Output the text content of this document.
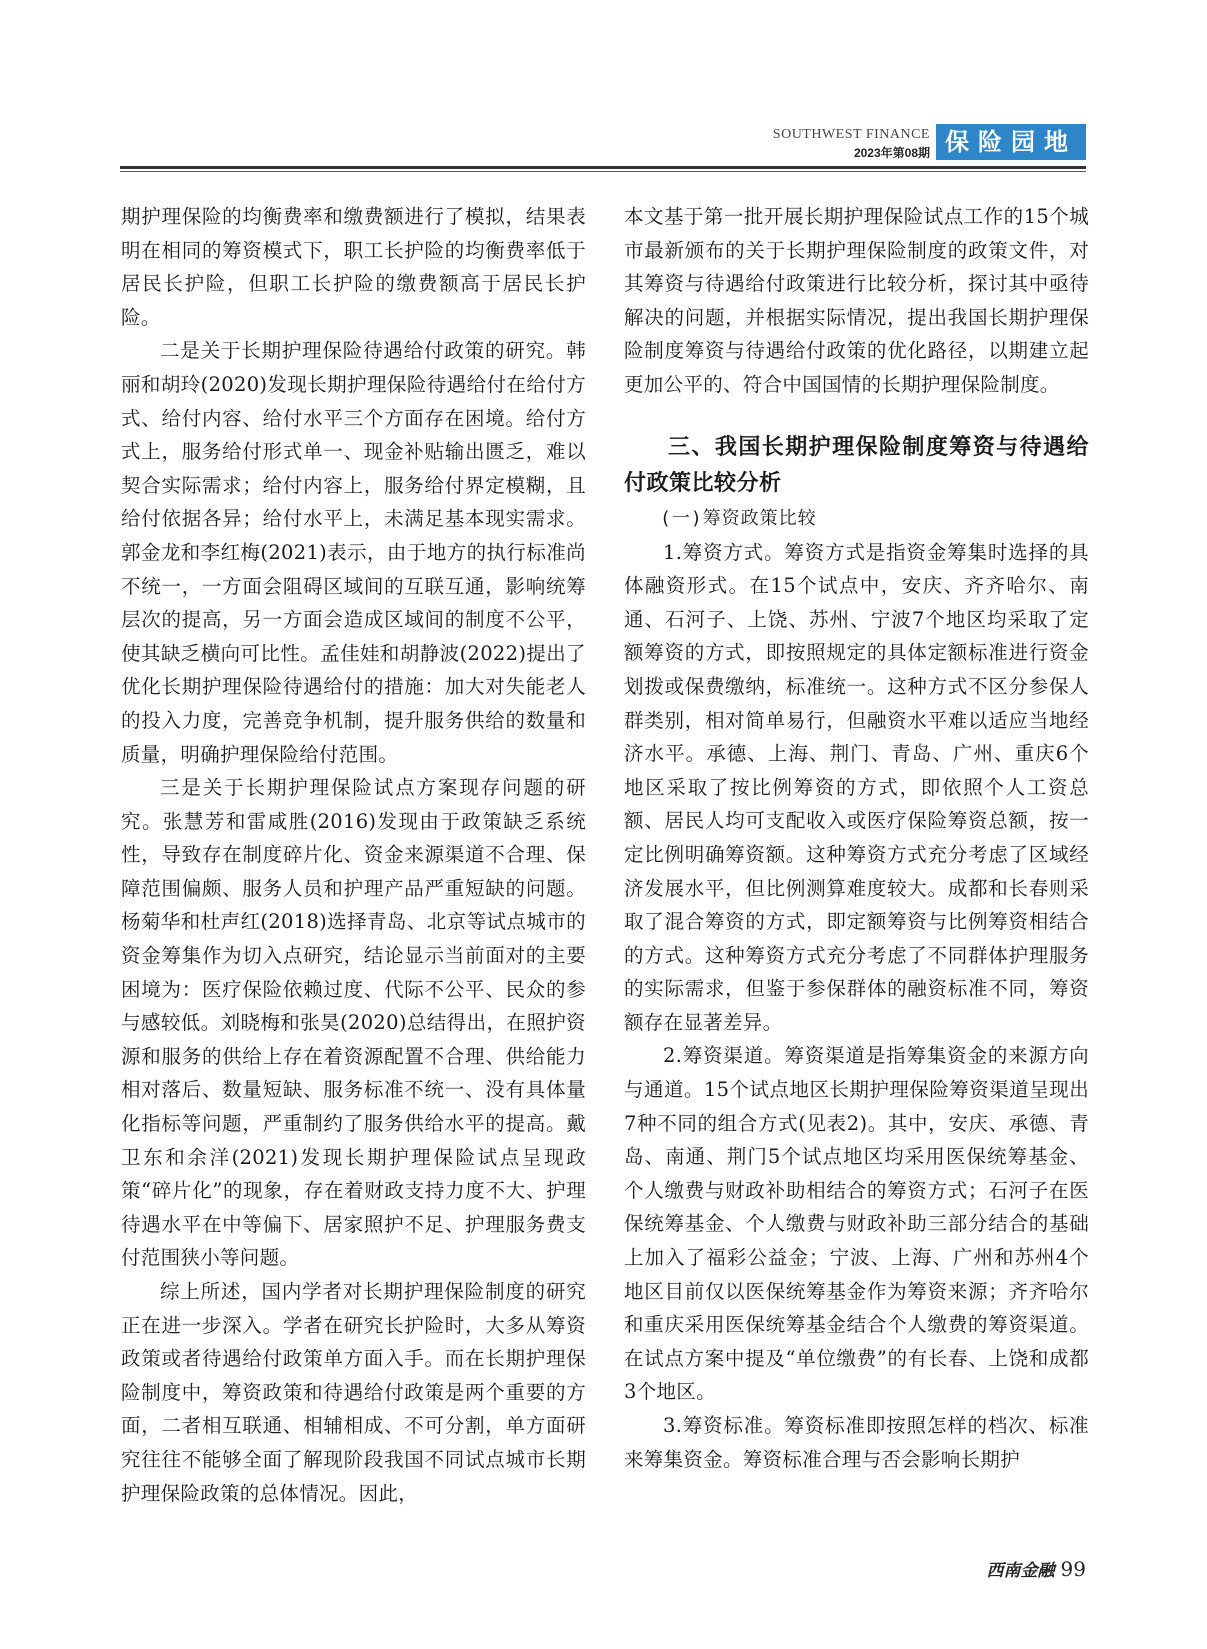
SOUTHWEST FINANCE
2023年第08期 保险园地

期护理保险的均衡费率和缴费额进行了模拟，结果表明在相同的筹资模式下，职工长护险的均衡费率低于居民长护险，但职工长护险的缴费额高于居民长护险。

二是关于长期护理保险待遇给付政策的研究。韩丽和胡玲(2020)发现长期护理保险待遇给付在给付方式、给付内容、给付水平三个方面存在困境。给付方式上，服务给付形式单一、现金补贴输出匮乏，难以契合实际需求；给付内容上，服务给付界定模糊，且给付依据各异；给付水平上，未满足基本现实需求。郭金龙和李红梅(2021)表示，由于地方的执行标准尚不统一，一方面会阻碍区域间的互联互通，影响统筹层次的提高，另一方面会造成区域间的制度不公平，使其缺乏横向可比性。孟佳娃和胡静波(2022)提出了优化长期护理保险待遇给付的措施：加大对失能老人的投入力度，完善竞争机制，提升服务供给的数量和质量，明确护理保险给付范围。

三是关于长期护理保险试点方案现存问题的研究。张慧芳和雷咸胜(2016)发现由于政策缺乏系统性，导致存在制度碎片化、资金来源渠道不合理、保障范围偏颇、服务人员和护理产品严重短缺的问题。杨菊华和杜声红(2018)选择青岛、北京等试点城市的资金筹集作为切入点研究，结论显示当前面对的主要困境为：医疗保险依赖过度、代际不公平、民众的参与感较低。刘晓梅和张昊(2020)总结得出，在照护资源和服务的供给上存在着资源配置不合理、供给能力相对落后、数量短缺、服务标准不统一、没有具体量化指标等问题，严重制约了服务供给水平的提高。戴卫东和余洋(2021)发现长期护理保险试点呈现政策“碎片化”的现象，存在着财政支持力度不大、护理待遇水平在中等偏下、居家照护不足、护理服务费支付范围狭小等问题。

综上所述，国内学者对长期护理保险制度的研究正在进一步深入。学者在研究长护险时，大多从筹资政策或者待遇给付政策单方面入手。而在长期护理保险制度中，筹资政策和待遇给付政策是两个重要的方面，二者相互联通、相辅相成、不可分割，单方面研究往往不能够全面了解现阶段我国不同试点城市长期护理保险政策的总体情况。因此，

本文基于第一批开展长期护理保险试点工作的15个城市最新颁布的关于长期护理保险制度的政策文件，对其筹资与待遇给付政策进行比较分析，探讨其中亟待解决的问题，并根据实际情况，提出我国长期护理保险制度筹资与待遇给付政策的优化路径，以期建立起更加公平的、符合中国国情的长期护理保险制度。

三、我国长期护理保险制度筹资与待遇给付政策比较分析
(一)筹资政策比较

1.筹资方式。筹资方式是指资金筹集时选择的具体融资形式。在15个试点中，安庆、齐齐哈尔、南通、石河子、上饶、苏州、宁波7个地区均采取了定额筹资的方式，即按照规定的具体定额标准进行资金划拨或保费缴纳，标准统一。这种方式不区分参保人群类别，相对简单易行，但融资水平难以适应当地经济水平。承德、上海、荆门、青岛、广州、重庆6个地区采取了按比例筹资的方式，即依照个人工资总额、居民人均可支配收入或医疗保险筹资总额，按一定比例明确筹资额。这种筹资方式充分考虑了区域经济发展水平，但比例测算难度较大。成都和长春则采取了混合筹资的方式，即定额筹资与比例筹资相结合的方式。这种筹资方式充分考虑了不同群体护理服务的实际需求，但鉴于参保群体的融资标准不同，筹资额存在显著差异。

2.筹资渠道。筹资渠道是指筹集资金的来源方向与通道。15个试点地区长期护理保险筹资渠道呈现出7种不同的组合方式(见表2)。其中，安庆、承德、青岛、南通、荆门5个试点地区均采用医保统筹基金、个人缴费与财政补助相结合的筹资方式；石河子在医保统筹基金、个人缴费与财政补助三部分结合的基础上加入了福彩公益金；宁波、上海、广州和苏州4个地区目前仅以医保统筹基金作为筹资来源；齐齐哈尔和重庆采用医保统筹基金结合个人缴费的筹资渠道。在试点方案中提及“单位缴费”的有长春、上饶和成都3个地区。

3.筹资标准。筹资标准即按照怎样的档次、标准来筹集资金。筹资标准合理与否会影响长期护

西南金融 99
